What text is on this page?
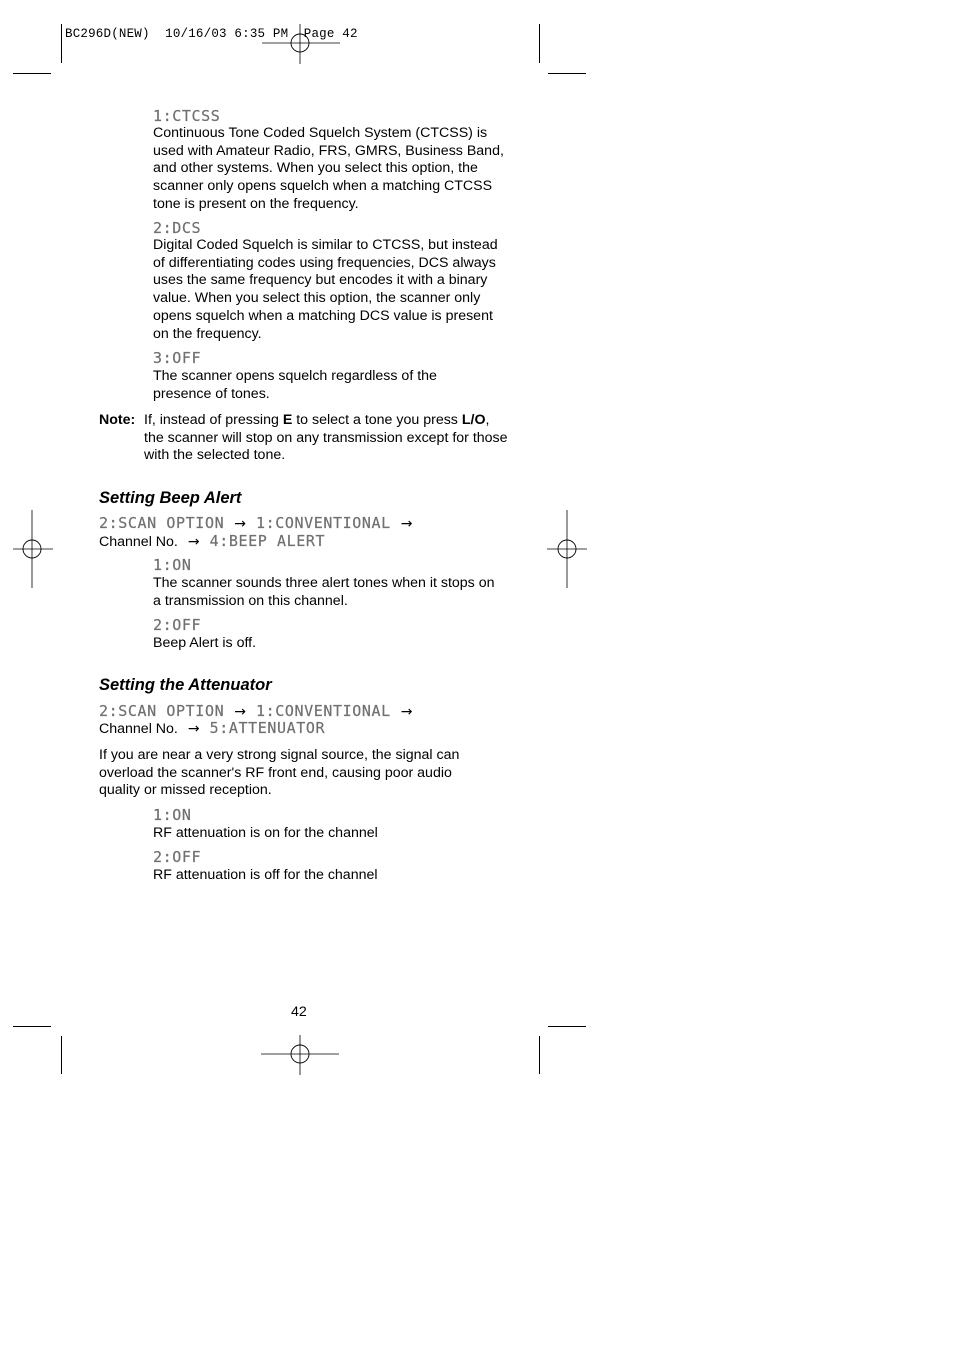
BC296D(NEW)  10/16/03 6:35 PM  Page 42
1:CTCSS
Continuous Tone Coded Squelch System (CTCSS) is used with Amateur Radio, FRS, GMRS, Business Band, and other systems. When you select this option, the scanner only opens squelch when a matching CTCSS tone is present on the frequency.
2:DCS
Digital Coded Squelch is similar to CTCSS, but instead of differentiating codes using frequencies, DCS always uses the same frequency but encodes it with a binary value. When you select this option, the scanner only opens squelch when a matching DCS value is present on the frequency.
3:OFF
The scanner opens squelch regardless of the presence of tones.
Note: If, instead of pressing E to select a tone you press L/O, the scanner will stop on any transmission except for those with the selected tone.
Setting Beep Alert
2:SCAN OPTION → 1:CONVENTIONAL →
Channel No. → 4:BEEP ALERT
1:ON
The scanner sounds three alert tones when it stops on a transmission on this channel.
2:OFF
Beep Alert is off.
Setting the Attenuator
2:SCAN OPTION → 1:CONVENTIONAL →
Channel No. → 5:ATTENUATOR
If you are near a very strong signal source, the signal can overload the scanner's RF front end, causing poor audio quality or missed reception.
1:ON
RF attenuation is on for the channel
2:OFF
RF attenuation is off for the channel
42
